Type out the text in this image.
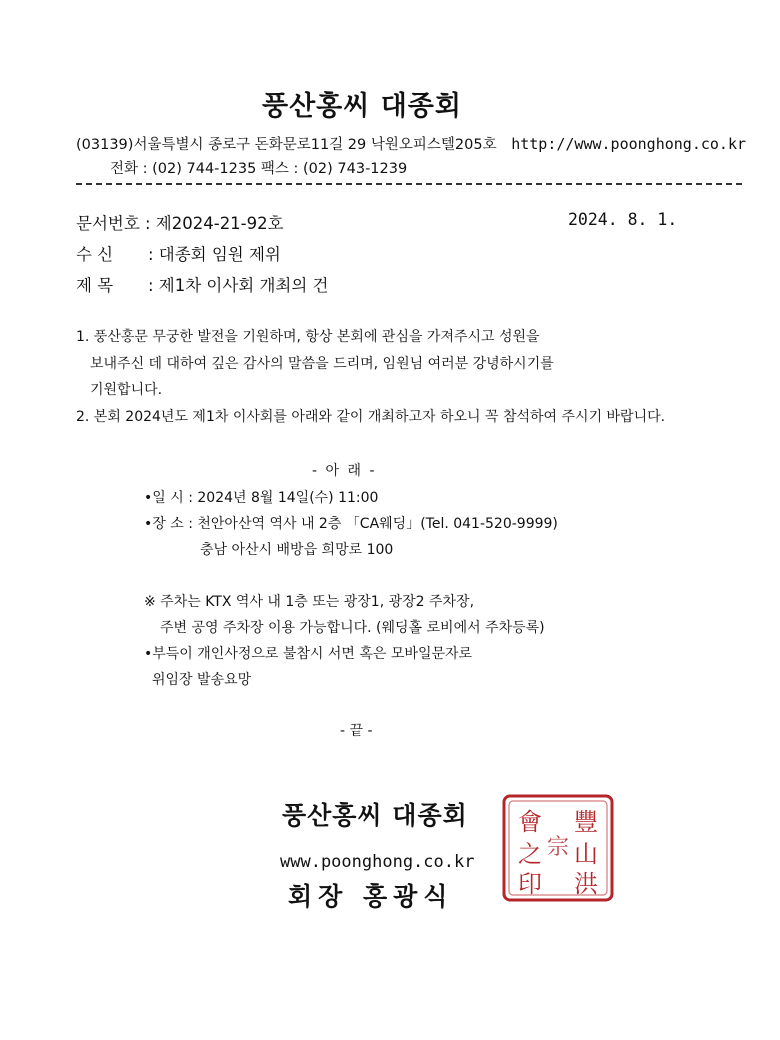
풍산홍씨 대종회
(03139)서울특별시 종로구 돈화문로11길 29 낙원오피스텔205호 http://www.poonghong.co.kr
전화 : (02) 744-1235 팩스 : (02) 743-1239
문서번호 : 제2024-21-92호	2024. 8. 1.
수 신 : 대종회 임원 제위
제 목 : 제1차 이사회 개최의 건
1. 풍산홍문 무궁한 발전을 기원하며, 항상 본회에 관심을 가져주시고 성원을
보내주신 데 대하여 깊은 감사의 말씀을 드리며, 임원님 여러분 강녕하시기를
기원합니다.
2. 본회 2024년도 제1차 이사회를 아래와 같이 개최하고자 하오니 꼭 참석하여 주시기 바랍니다.
- 아 래 -
•일 시 : 2024년 8월 14일(수) 11:00
•장 소 : 천안아산역 역사 내 2층 「CA웨딩」(Tel. 041-520-9999)
충남 아산시 배방읍 희망로 100
※ 주차는 KTX 역사 내 1층 또는 광장1, 광장2 주차장,
주변 공영 주차장 이용 가능합니다. (웨딩홀 로비에서 주차등록)
•부득이 개인사정으로 불참시 서면 혹은 모바일문자로
위임장 발송요망
- 끝 -
풍산홍씨 대종회
www.poonghong.co.kr
회장 홍광식
會
之
印
豐
山
洪
宗
